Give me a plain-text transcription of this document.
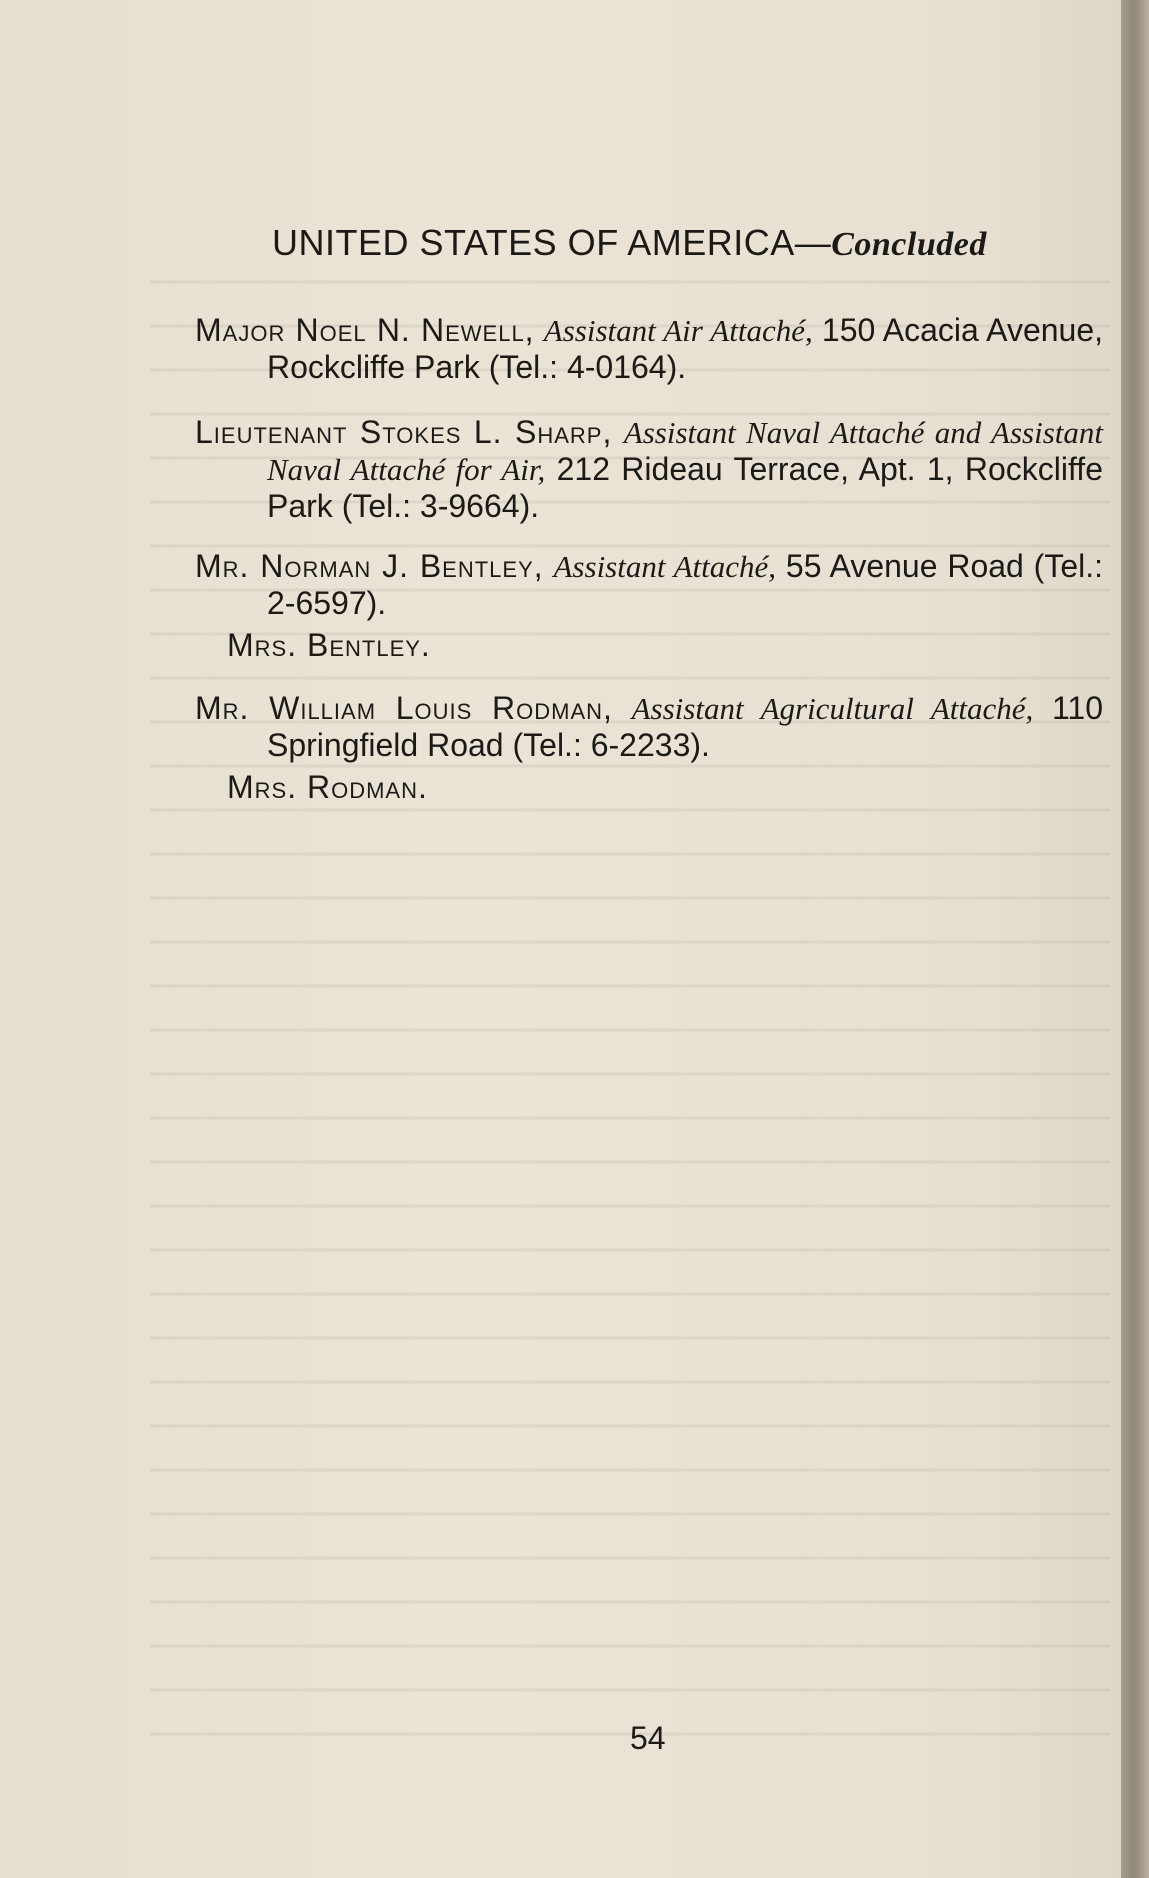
UNITED STATES OF AMERICA—Concluded

Major Noel N. Newell, Assistant Air Attaché, 150 Acacia Avenue, Rockcliffe Park (Tel.: 4-0164).

Lieutenant Stokes L. Sharp, Assistant Naval Attaché and Assistant Naval Attaché for Air, 212 Rideau Terrace, Apt. 1, Rockcliffe Park (Tel.: 3-9664).

Mr. Norman J. Bentley, Assistant Attaché, 55 Avenue Road (Tel.: 2-6597).

Mrs. Bentley.

Mr. William Louis Rodman, Assistant Agricultural Attaché, 110 Springfield Road (Tel.: 6-2233).

Mrs. Rodman.
54
